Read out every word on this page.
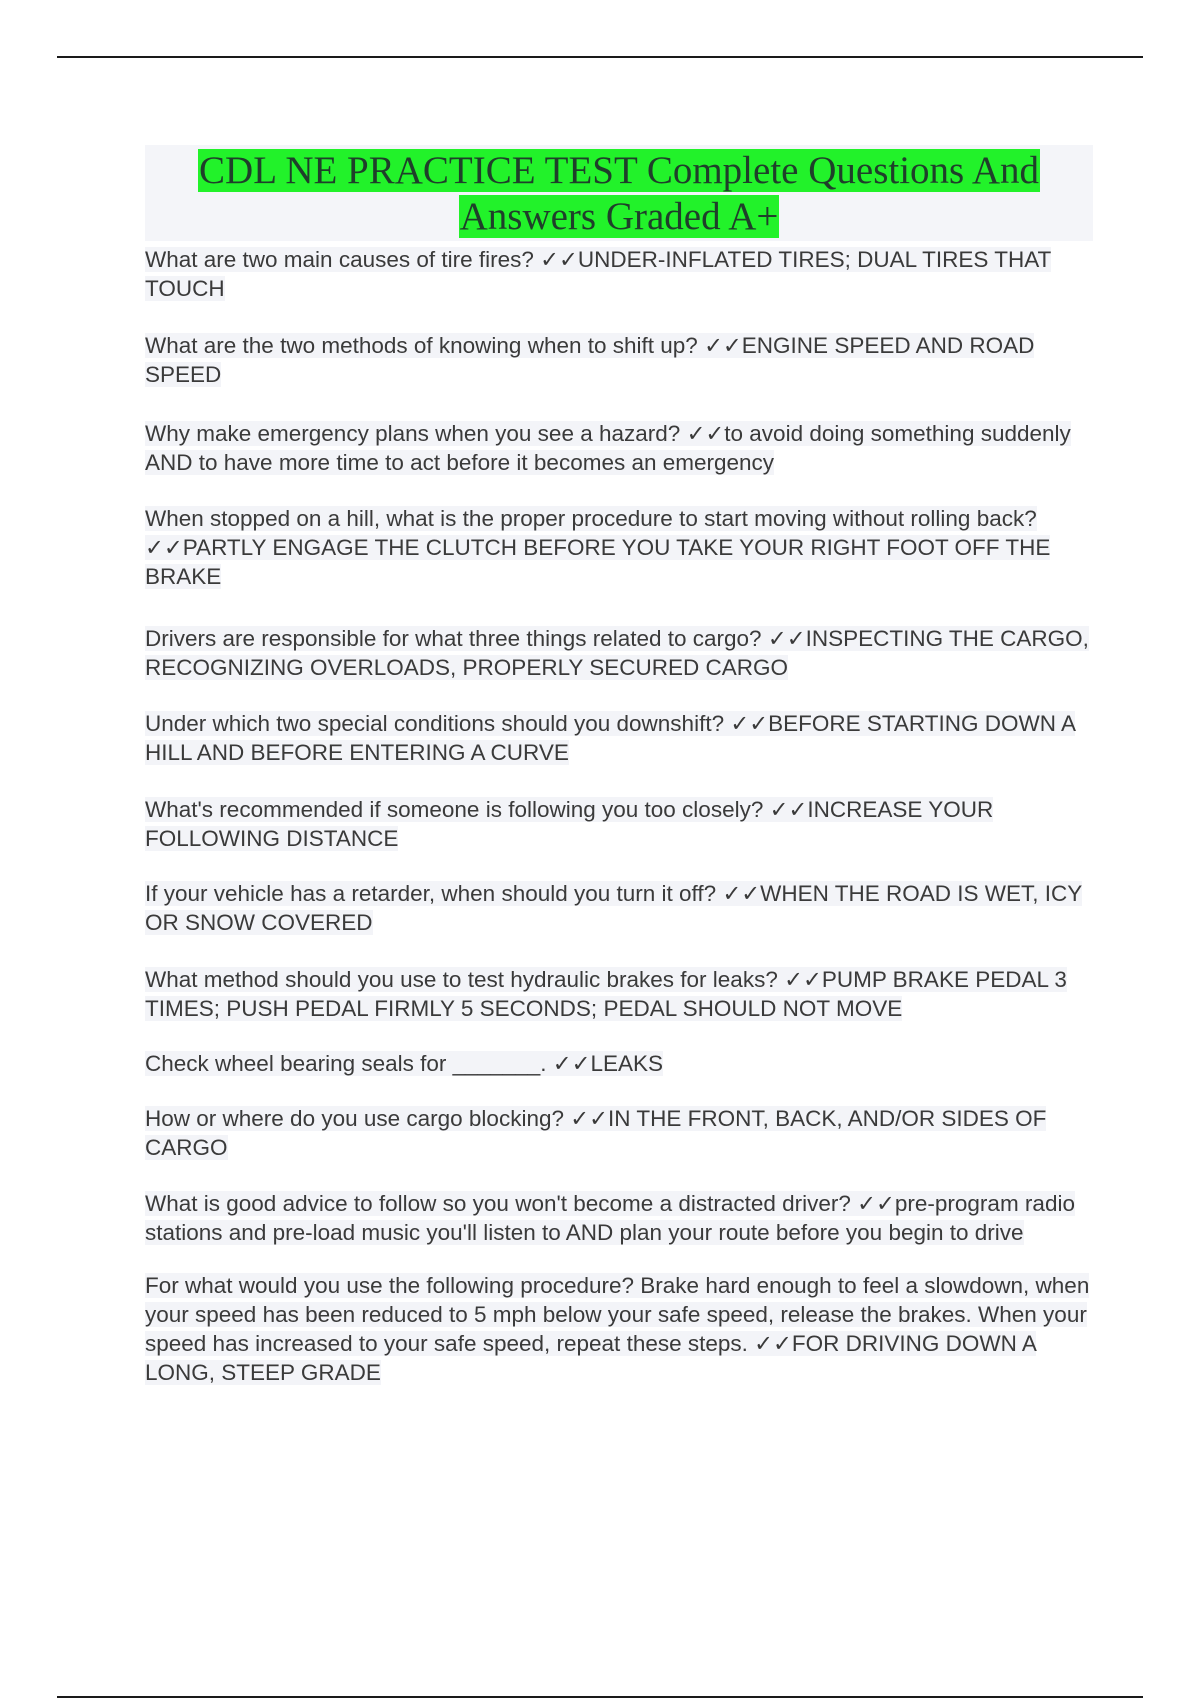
CDL NE PRACTICE TEST Complete Questions And Answers Graded A+

What are two main causes of tire fires? ✓✓UNDER-INFLATED TIRES; DUAL TIRES THAT TOUCH

What are the two methods of knowing when to shift up? ✓✓ENGINE SPEED AND ROAD SPEED

Why make emergency plans when you see a hazard? ✓✓to avoid doing something suddenly AND to have more time to act before it becomes an emergency

When stopped on a hill, what is the proper procedure to start moving without rolling back? ✓✓PARTLY ENGAGE THE CLUTCH BEFORE YOU TAKE YOUR RIGHT FOOT OFF THE BRAKE

Drivers are responsible for what three things related to cargo? ✓✓INSPECTING THE CARGO, RECOGNIZING OVERLOADS, PROPERLY SECURED CARGO

Under which two special conditions should you downshift? ✓✓BEFORE STARTING DOWN A HILL AND BEFORE ENTERING A CURVE

What's recommended if someone is following you too closely? ✓✓INCREASE YOUR FOLLOWING DISTANCE

If your vehicle has a retarder, when should you turn it off? ✓✓WHEN THE ROAD IS WET, ICY OR SNOW COVERED

What method should you use to test hydraulic brakes for leaks? ✓✓PUMP BRAKE PEDAL 3 TIMES; PUSH PEDAL FIRMLY 5 SECONDS; PEDAL SHOULD NOT MOVE

Check wheel bearing seals for _______. ✓✓LEAKS

How or where do you use cargo blocking? ✓✓IN THE FRONT, BACK, AND/OR SIDES OF CARGO

What is good advice to follow so you won't become a distracted driver? ✓✓pre-program radio stations and pre-load music you'll listen to AND plan your route before you begin to drive

For what would you use the following procedure? Brake hard enough to feel a slowdown, when your speed has been reduced to 5 mph below your safe speed, release the brakes. When your speed has increased to your safe speed, repeat these steps. ✓✓FOR DRIVING DOWN A LONG, STEEP GRADE
